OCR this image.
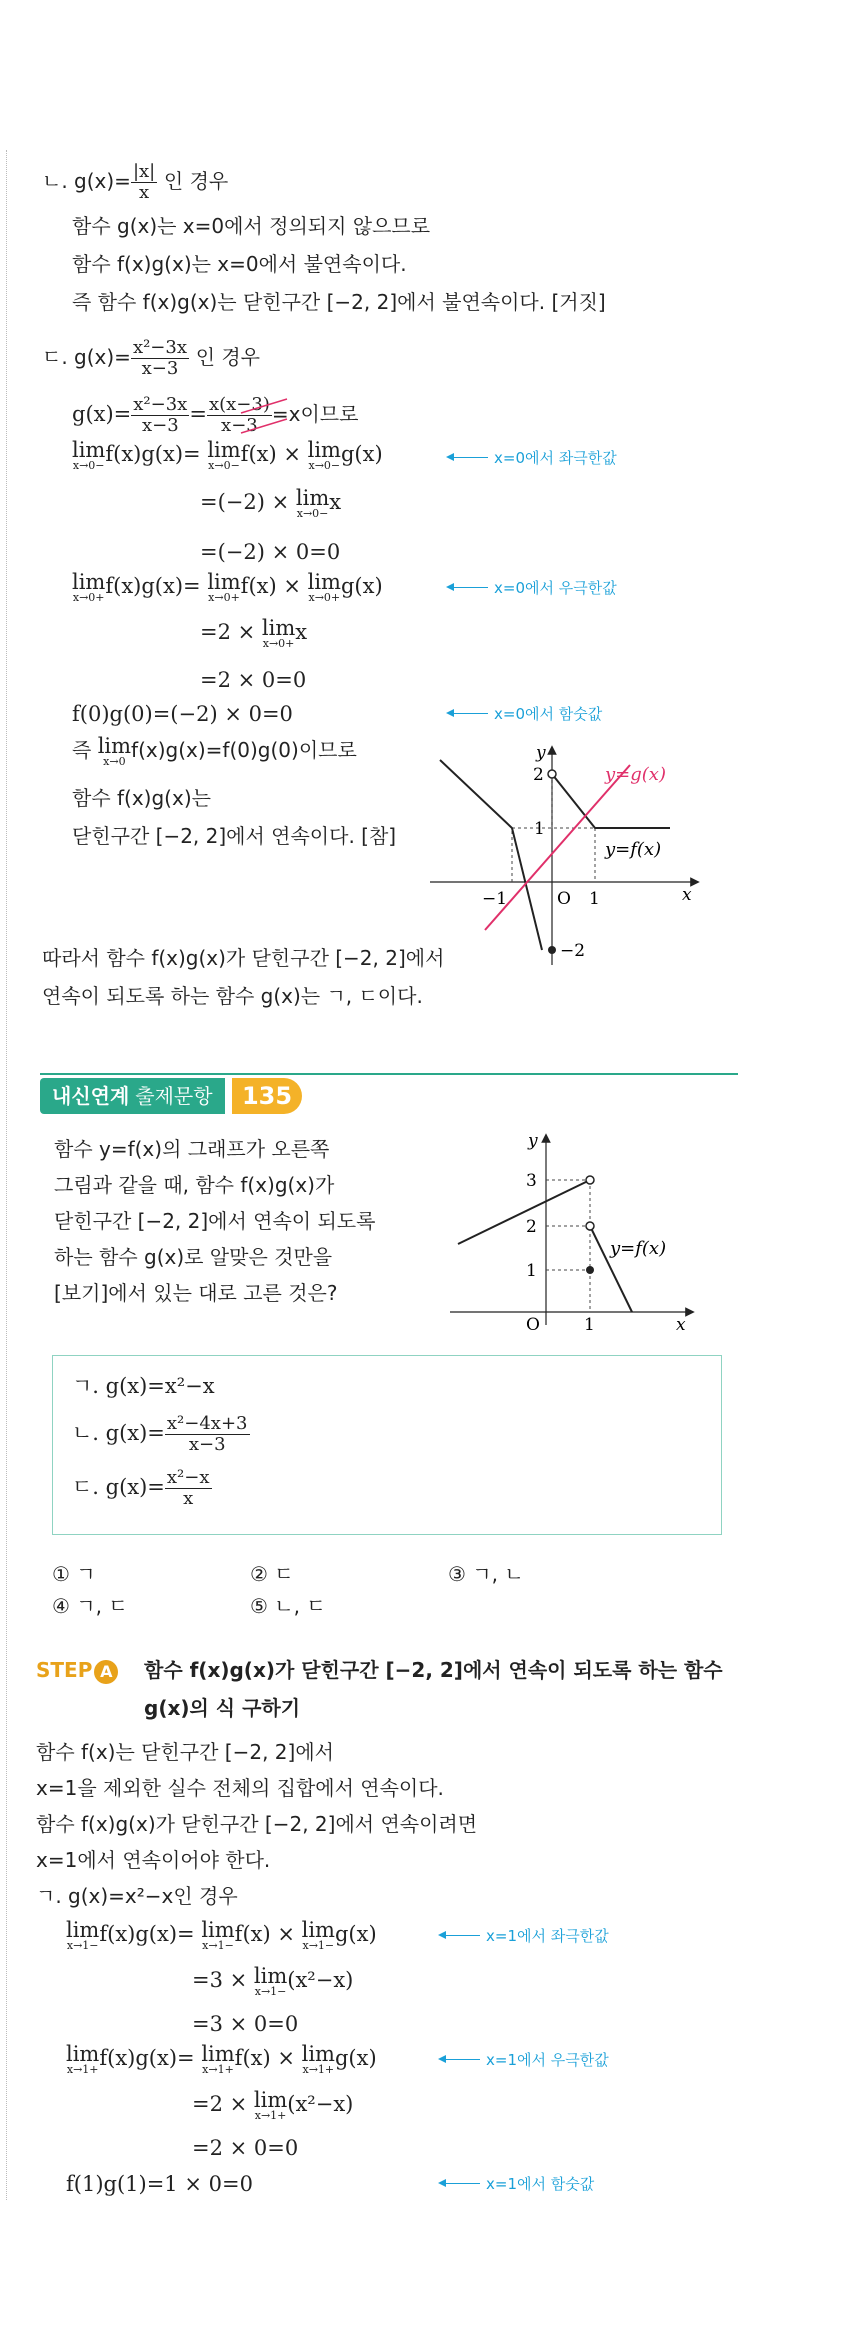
ㄴ. $g(x)= \frac{|x|}{x}$ 인 경우
함수 g(x)는 x=0에서 정의되지 않으므로
함수 f(x)g(x)는 x=0에서 불연속이다.
즉 함수 f(x)g(x)는 닫힌구간 [−2, 2]에서 불연속이다. [거짓]
ㄷ. $g(x)= \frac{\text{x²−3x}}{x-3}$ 인 경우
$g(x)= \frac{\text{x²−3x}}{x-3} = \frac{x(x-3)}{x-3} =x$이므로
lim
x→0− f(x)g(x)= lim
x→0− f(x) × lim
x→0− g(x)	x=0에서 좌극한값
=(−2) × lim
x→0− x
=(−2) × 0=0
lim
x→0+ f(x)g(x)= lim
x→0+ f(x) × lim
x→0+ g(x)	x=0에서 우극한값
=2 × lim
x→0+ x
=2 × 0=0
f(0)g(0)=(−2) × 0=0	x=0에서 함숫값
즉 lim
x→0 f(x)g(x)=f(0)g(0)이므로
함수 f(x)g(x)는
닫힌구간 [−2, 2]에서 연속이다. [참]
y
x
2
1
−1	O 1
−2
y=g(x)
y=f(x)
따라서 함수 f(x)g(x)가 닫힌구간 [−2, 2]에서
연속이 되도록 하는 함수 g(x)는 ㄱ, ㄷ이다.
내신연계 출제문항	135
함수 y=f(x)의 그래프가 오른쪽
그림과 같을 때, 함수 f(x)g(x)가
닫힌구간 [−2, 2]에서 연속이 되도록
하는 함수 g(x)로 알맞은 것만을
[보기]에서 있는 대로 고른 것은?
y
x
3
2
1
O	1
y=f(x)
ㄱ. g(x)=x²−x
ㄴ. $g(x)= \frac{\text{x²−4x+3}}{x-3}$
ㄷ. $g(x)= \frac{\text{x²−x}}{x}$
① ㄱ	② ㄷ	③ ㄱ, ㄴ
④ ㄱ, ㄷ	⑤ ㄴ, ㄷ
STEP A 함수 f(x)g(x)가 닫힌구간 [−2, 2]에서 연속이 되도록 하는 함수
g(x)의 식 구하기
함수 f(x)는 닫힌구간 [−2, 2]에서
x=1을 제외한 실수 전체의 집합에서 연속이다.
함수 f(x)g(x)가 닫힌구간 [−2, 2]에서 연속이려면
x=1에서 연속이어야 한다.
ㄱ. g(x)=x²−x인 경우
lim
x→1− f(x)g(x)= lim
x→1− f(x) × lim
x→1− g(x)	x=1에서 좌극한값
=3 × lim
x→1− (x²−x)
=3 × 0=0
lim
x→1+ f(x)g(x)= lim
x→1+ f(x) × lim
x→1+ g(x)	x=1에서 우극한값
=2 × lim
x→1+ (x²−x)
=2 × 0=0
f(1)g(1)=1 × 0=0	x=1에서 함숫값
